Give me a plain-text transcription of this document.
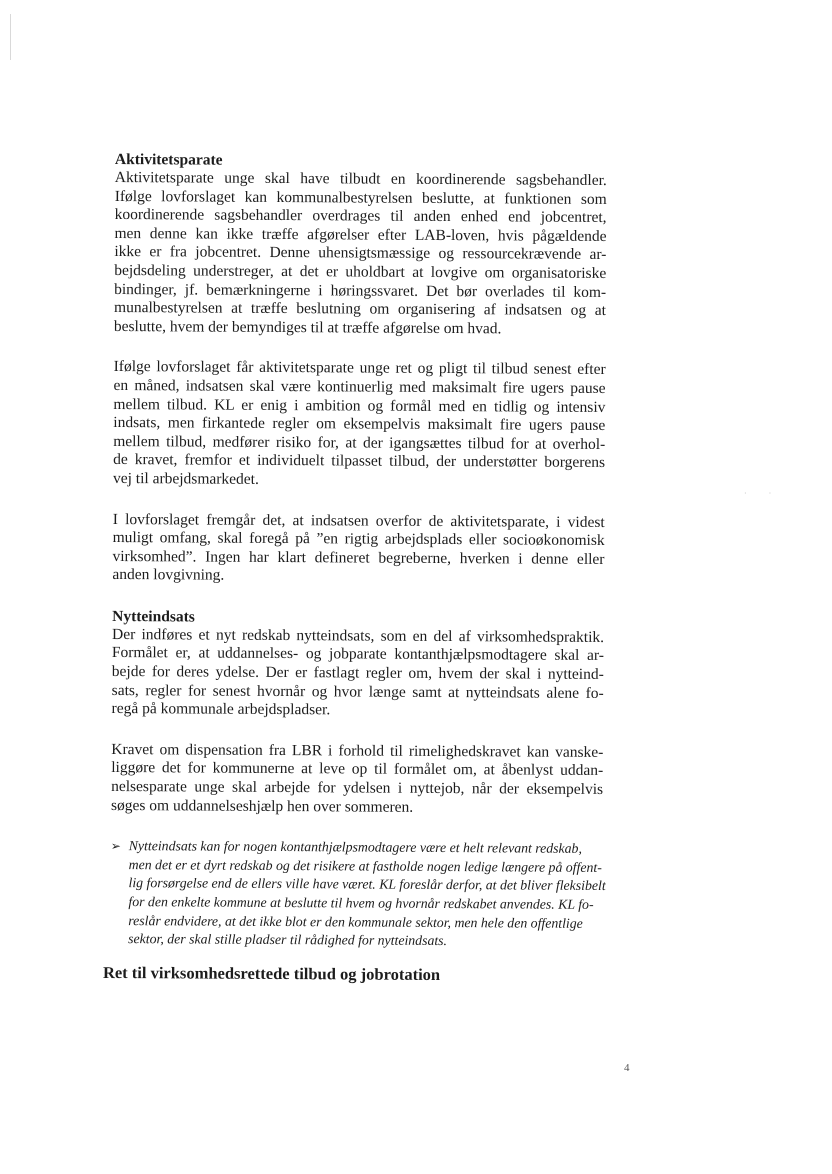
· ·
Aktivitetsparate

Aktivitetsparate unge skal have tilbudt en koordinerende sagsbehandler.
Ifølge lovforslaget kan kommunalbestyrelsen beslutte, at funktionen som
koordinerende sagsbehandler overdrages til anden enhed end jobcentret,
men denne kan ikke træffe afgørelser efter LAB-loven, hvis pågældende
ikke er fra jobcentret. Denne uhensigtsmæssige og ressourcekrævende ar-
bejdsdeling understreger, at det er uholdbart at lovgive om organisatoriske
bindinger, jf. bemærkningerne i høringssvaret. Det bør overlades til kom-
munalbestyrelsen at træffe beslutning om organisering af indsatsen og at
beslutte, hvem der bemyndiges til at træffe afgørelse om hvad.

Ifølge lovforslaget får aktivitetsparate unge ret og pligt til tilbud senest efter
en måned, indsatsen skal være kontinuerlig med maksimalt fire ugers pause
mellem tilbud. KL er enig i ambition og formål med en tidlig og intensiv
indsats, men firkantede regler om eksempelvis maksimalt fire ugers pause
mellem tilbud, medfører risiko for, at der igangsættes tilbud for at overhol-
de kravet, fremfor et individuelt tilpasset tilbud, der understøtter borgerens
vej til arbejdsmarkedet.

I lovforslaget fremgår det, at indsatsen overfor de aktivitetsparate, i videst
muligt omfang, skal foregå på ”en rigtig arbejdsplads eller socioøkonomisk
virksomhed”. Ingen har klart defineret begreberne, hverken i denne eller
anden lovgivning.

Nytteindsats

Der indføres et nyt redskab nytteindsats, som en del af virksomhedspraktik.
Formålet er, at uddannelses- og jobparate kontanthjælpsmodtagere skal ar-
bejde for deres ydelse. Der er fastlagt regler om, hvem der skal i nytteind-
sats, regler for senest hvornår og hvor længe samt at nytteindsats alene fo-
regå på kommunale arbejdspladser.

Kravet om dispensation fra LBR i forhold til rimelighedskravet kan vanske-
liggøre det for kommunerne at leve op til formålet om, at åbenlyst uddan-
nelsesparate unge skal arbejde for ydelsen i nyttejob, når der eksempelvis
søges om uddannelseshjælp hen over sommeren.

➢ Nytteindsats kan for nogen kontanthjælpsmodtagere være et helt relevant redskab,
men det er et dyrt redskab og det risikere at fastholde nogen ledige længere på offent-
lig forsørgelse end de ellers ville have været. KL foreslår derfor, at det bliver fleksibelt
for den enkelte kommune at beslutte til hvem og hvornår redskabet anvendes. KL fo-
reslår endvidere, at det ikke blot er den kommunale sektor, men hele den offentlige
sektor, der skal stille pladser til rådighed for nytteindsats.
Ret til virksomhedsrettede tilbud og jobrotation
4
